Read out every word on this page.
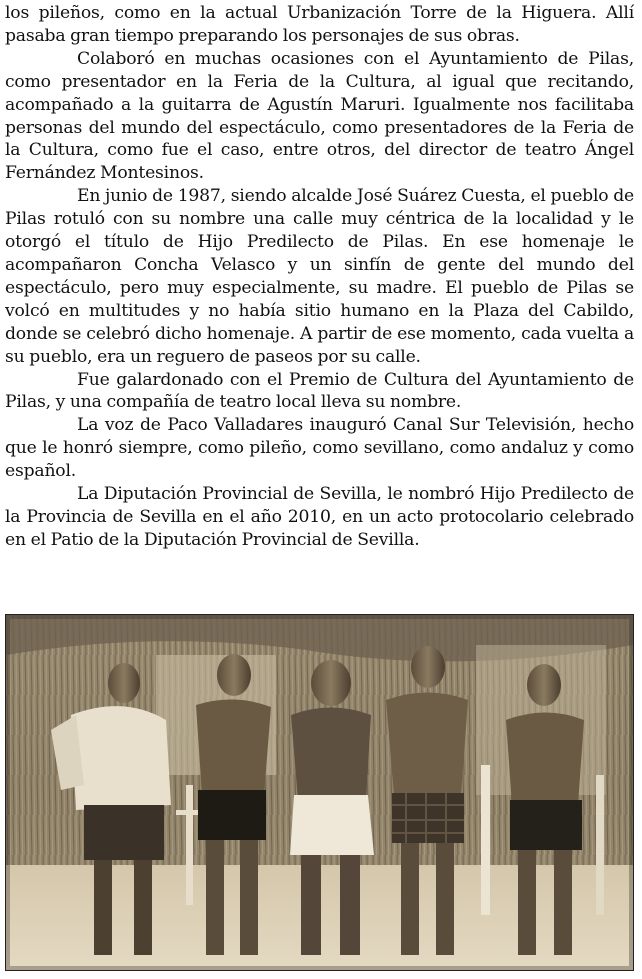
los pileños, como en la actual Urbanización Torre de la Higuera. Allí pasaba gran tiempo preparando los personajes de sus obras.

Colaboró en muchas ocasiones con el Ayuntamiento de Pilas, como presentador en la Feria de la Cultura, al igual que recitando, acompañado a la guitarra de Agustín Maruri. Igualmente nos facilitaba personas del mundo del espectáculo, como presentadores de la Feria de la Cultura, como fue el caso, entre otros, del director de teatro Ángel Fernández Montesinos.

En junio de 1987, siendo alcalde José Suárez Cuesta, el pueblo de Pilas rotuló con su nombre una calle muy céntrica de la localidad y le otorgó el título de Hijo Predilecto de Pilas. En ese homenaje le acompañaron Concha Velasco y un sinfín de gente del mundo del espectáculo, pero muy especialmente, su madre. El pueblo de Pilas se volcó en multitudes y no había sitio humano en la Plaza del Cabildo, donde se celebró dicho homenaje. A partir de ese momento, cada vuelta a su pueblo, era un reguero de paseos por su calle.

Fue galardonado con el Premio de Cultura del Ayuntamiento de Pilas, y una compañía de teatro local lleva su nombre.

La voz de Paco Valladares inauguró Canal Sur Televisión, hecho que le honró siempre, como pileño, como sevillano, como andaluz y como español.

La Diputación Provincial de Sevilla, le nombró Hijo Predilecto de la Provincia de Sevilla en el año 2010, en un acto protocolario celebrado en el Patio de la Diputación Provincial de Sevilla.
